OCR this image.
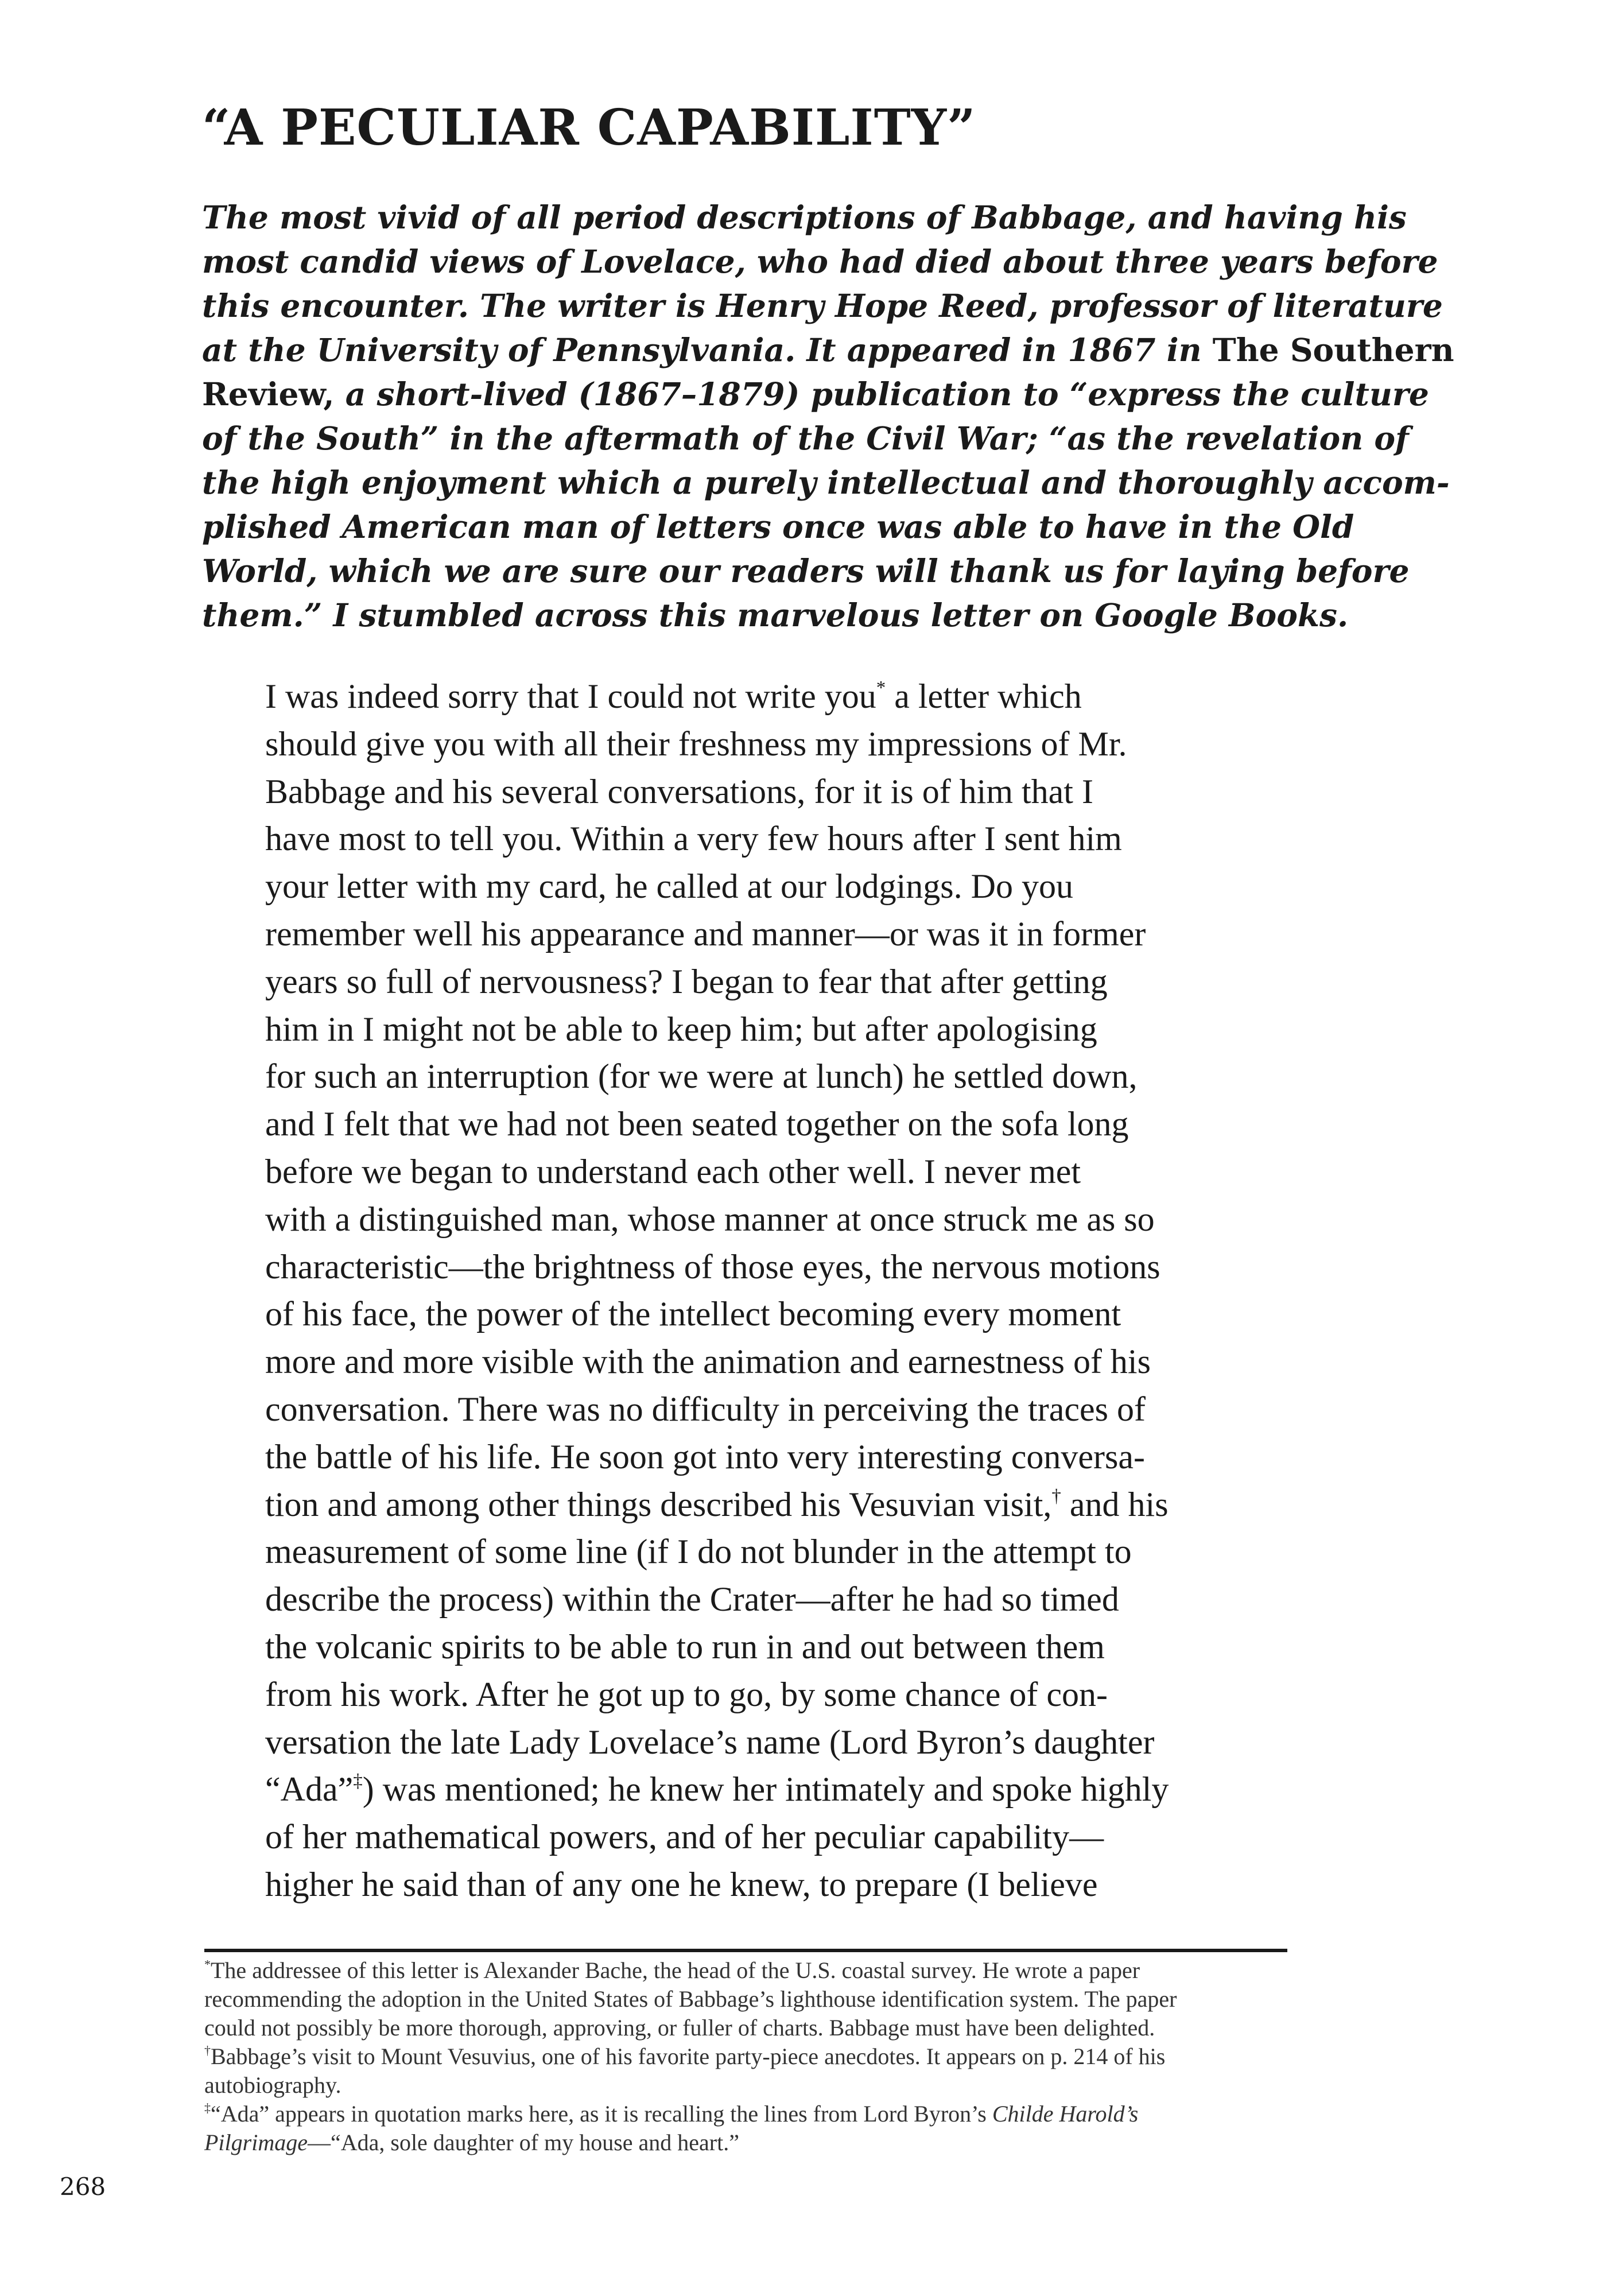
“A PECULIAR CAPABILITY”
The most vivid of all period descriptions of Babbage, and having his
most candid views of Lovelace, who had died about three years before
this encounter. The writer is Henry Hope Reed, professor of literature
at the University of Pennsylvania. It appeared in 1867 in The Southern
Review, a short-lived (1867–1879) publication to “express the culture
of the South” in the aftermath of the Civil War; “as the revelation of
the high enjoyment which a purely intellectual and thoroughly accom-
plished American man of letters once was able to have in the Old
World, which we are sure our readers will thank us for laying before
them.” I stumbled across this marvelous letter on Google Books.
I was indeed sorry that I could not write you* a letter which
should give you with all their freshness my impressions of Mr.
Babbage and his several conversations, for it is of him that I
have most to tell you. Within a very few hours after I sent him
your letter with my card, he called at our lodgings. Do you
remember well his appearance and manner—or was it in former
years so full of nervousness? I began to fear that after getting
him in I might not be able to keep him; but after apologising
for such an interruption (for we were at lunch) he settled down,
and I felt that we had not been seated together on the sofa long
before we began to understand each other well. I never met
with a distinguished man, whose manner at once struck me as so
characteristic—the brightness of those eyes, the nervous motions
of his face, the power of the intellect becoming every moment
more and more visible with the animation and earnestness of his
conversation. There was no difficulty in perceiving the traces of
the battle of his life. He soon got into very interesting conversa-
tion and among other things described his Vesuvian visit,† and his
measurement of some line (if I do not blunder in the attempt to
describe the process) within the Crater—after he had so timed
the volcanic spirits to be able to run in and out between them
from his work. After he got up to go, by some chance of con-
versation the late Lady Lovelace’s name (Lord Byron’s daughter
“Ada”‡) was mentioned; he knew her intimately and spoke highly
of her mathematical powers, and of her peculiar capability—
higher he said than of any one he knew, to prepare (I believe
*The addressee of this letter is Alexander Bache, the head of the U.S. coastal survey. He wrote a paper
recommending the adoption in the United States of Babbage’s lighthouse identification system. The paper
could not possibly be more thorough, approving, or fuller of charts. Babbage must have been delighted.
†Babbage’s visit to Mount Vesuvius, one of his favorite party-piece anecdotes. It appears on p. 214 of his
autobiography.
‡“Ada” appears in quotation marks here, as it is recalling the lines from Lord Byron’s Childe Harold’s
Pilgrimage—“Ada, sole daughter of my house and heart.”
268
